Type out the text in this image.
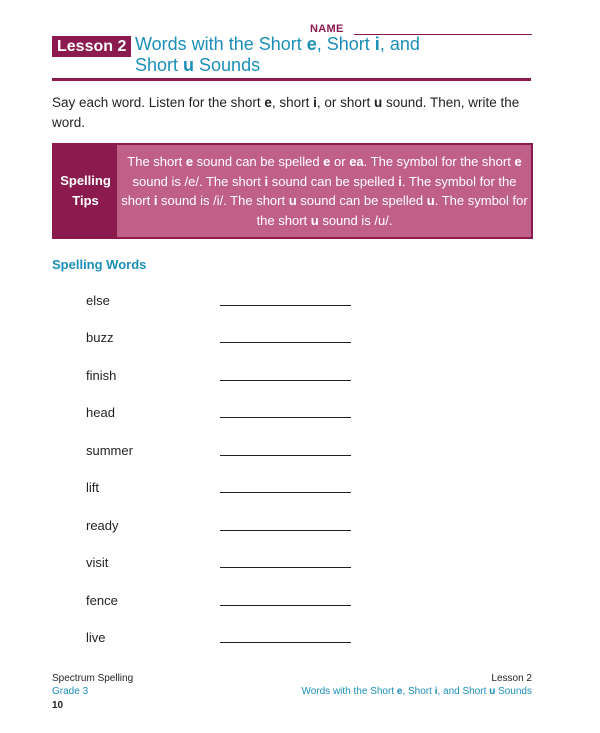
NAME
Lesson 2 Words with the Short e, Short i, and
Short u Sounds
Say each word. Listen for the short e, short i, or short u sound. Then, write the word.
Spelling
Tips
The short e sound can be spelled e or ea. The symbol for the short e sound is /e/. The short i sound can be spelled i. The symbol for the short i sound is /i/. The short u sound can be spelled u. The symbol for the short u sound is /u/.
Spelling Words
else
buzz
finish
head
summer
lift
ready
visit
fence
live
Spectrum Spelling
Grade 3
10
Lesson 2
Words with the Short e, Short i, and Short u Sounds
